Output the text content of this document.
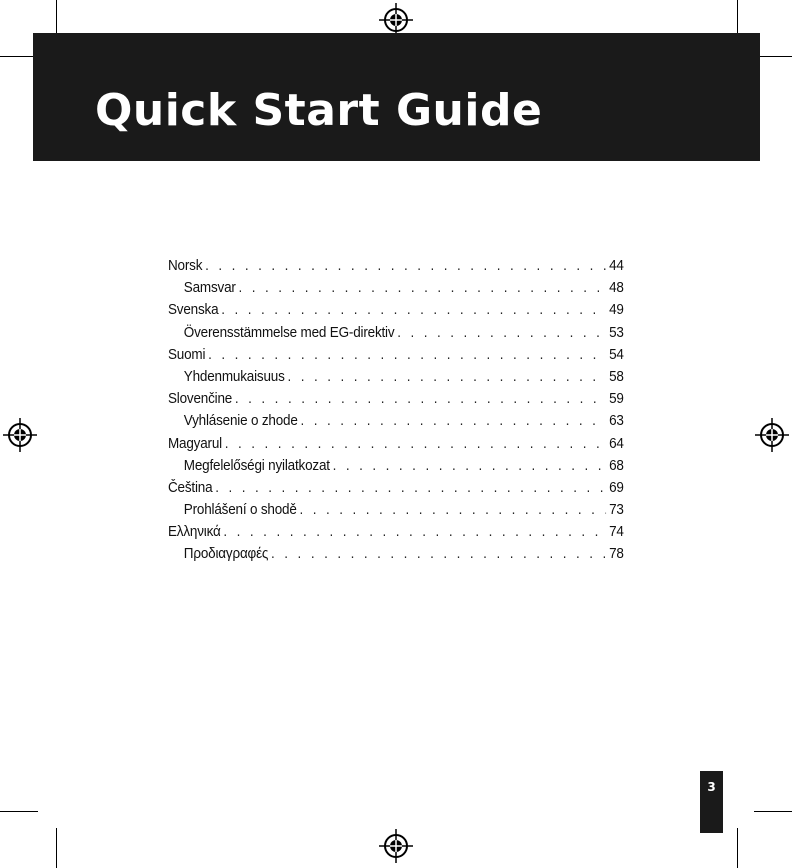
Quick Start Guide
Norsk . . .	44
Samsvar . . .	48
Svenska . . .	49
Överensstämmelse med EG-direktiv . . .	53
Suomi . . .	54
Yhdenmukaisuus . . .	58
Slovenčine . . .	59
Vyhlásenie o zhode . . .	63
Magyarul . . .	64
Megfelelőségi nyilatkozat . . .	68
Čeština . . .	69
Prohlášení o shodě . . .	73
Ελληνικά . . .	74
Προδιαγραφές . . .	78
3
